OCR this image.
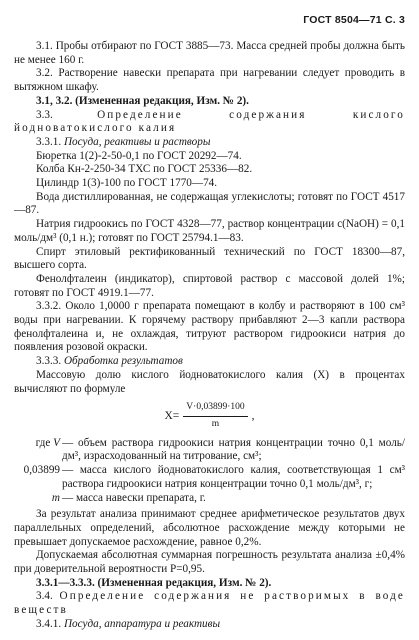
ГОСТ 8504—71 С. 3

3.1. Пробы отбирают по ГОСТ 3885—73. Масса средней пробы должна быть не менее 160 г.

3.2. Растворение навески препарата при нагревании следует проводить в вытяжном шкафу.

3.1, 3.2. (Измененная редакция, Изм. № 2).

3.3. Определение содержания кислого йодноватокислого калия

3.3.1. Посуда, реактивы и растворы

Бюретка 1(2)-2-50-0,1 по ГОСТ 20292—74.

Колба Кн-2-250-34 ТХС по ГОСТ 25336—82.

Цилиндр 1(3)-100 по ГОСТ 1770—74.

Вода дистиллированная, не содержащая углекислоты; готовят по ГОСТ 4517—87.

Натрия гидроокись по ГОСТ 4328—77, раствор концентрации c(NaOH) = 0,1 моль/дм³ (0,1 н.); готовят по ГОСТ 25794.1—83.

Спирт этиловый ректификованный технический по ГОСТ 18300—87, высшего сорта.

Фенолфталеин (индикатор), спиртовой раствор с массовой долей 1%; готовят по ГОСТ 4919.1—77.

3.3.2. Около 1,0000 г препарата помещают в колбу и растворяют в 100 см³ воды при нагревании. К горячему раствору прибавляют 2—3 капли раствора фенолфталеина и, не охлаждая, титруют раствором гидроокиси натрия до появления розовой окраски.

3.3.3. Обработка результатов

Массовую долю кислого йодноватокислого калия (X) в процентах вычисляют по формуле

$X= \frac{V\cdot 0,03899\cdot 100}{m}$ ,
где V — объем раствора гидроокиси натрия концентрации точно 0,1 моль/дм³, израсходованный на титрование, см³;
0,03899 — масса кислого йодноватокислого калия, соответствующая 1 см³ раствора гидроокиси натрия концентрации точно 0,1 моль/дм³, г;
m — масса навески препарата, г.

За результат анализа принимают среднее арифметическое результатов двух параллельных определений, абсолютное расхождение между которыми не превышает допускаемое расхождение, равное 0,2%.

Допускаемая абсолютная суммарная погрешность результата анализа ±0,4% при доверительной вероятности P=0,95.

3.3.1—3.3.3. (Измененная редакция, Изм. № 2).

3.4. Определение содержания не растворимых в воде веществ

3.4.1. Посуда, аппаратура и реактивы
